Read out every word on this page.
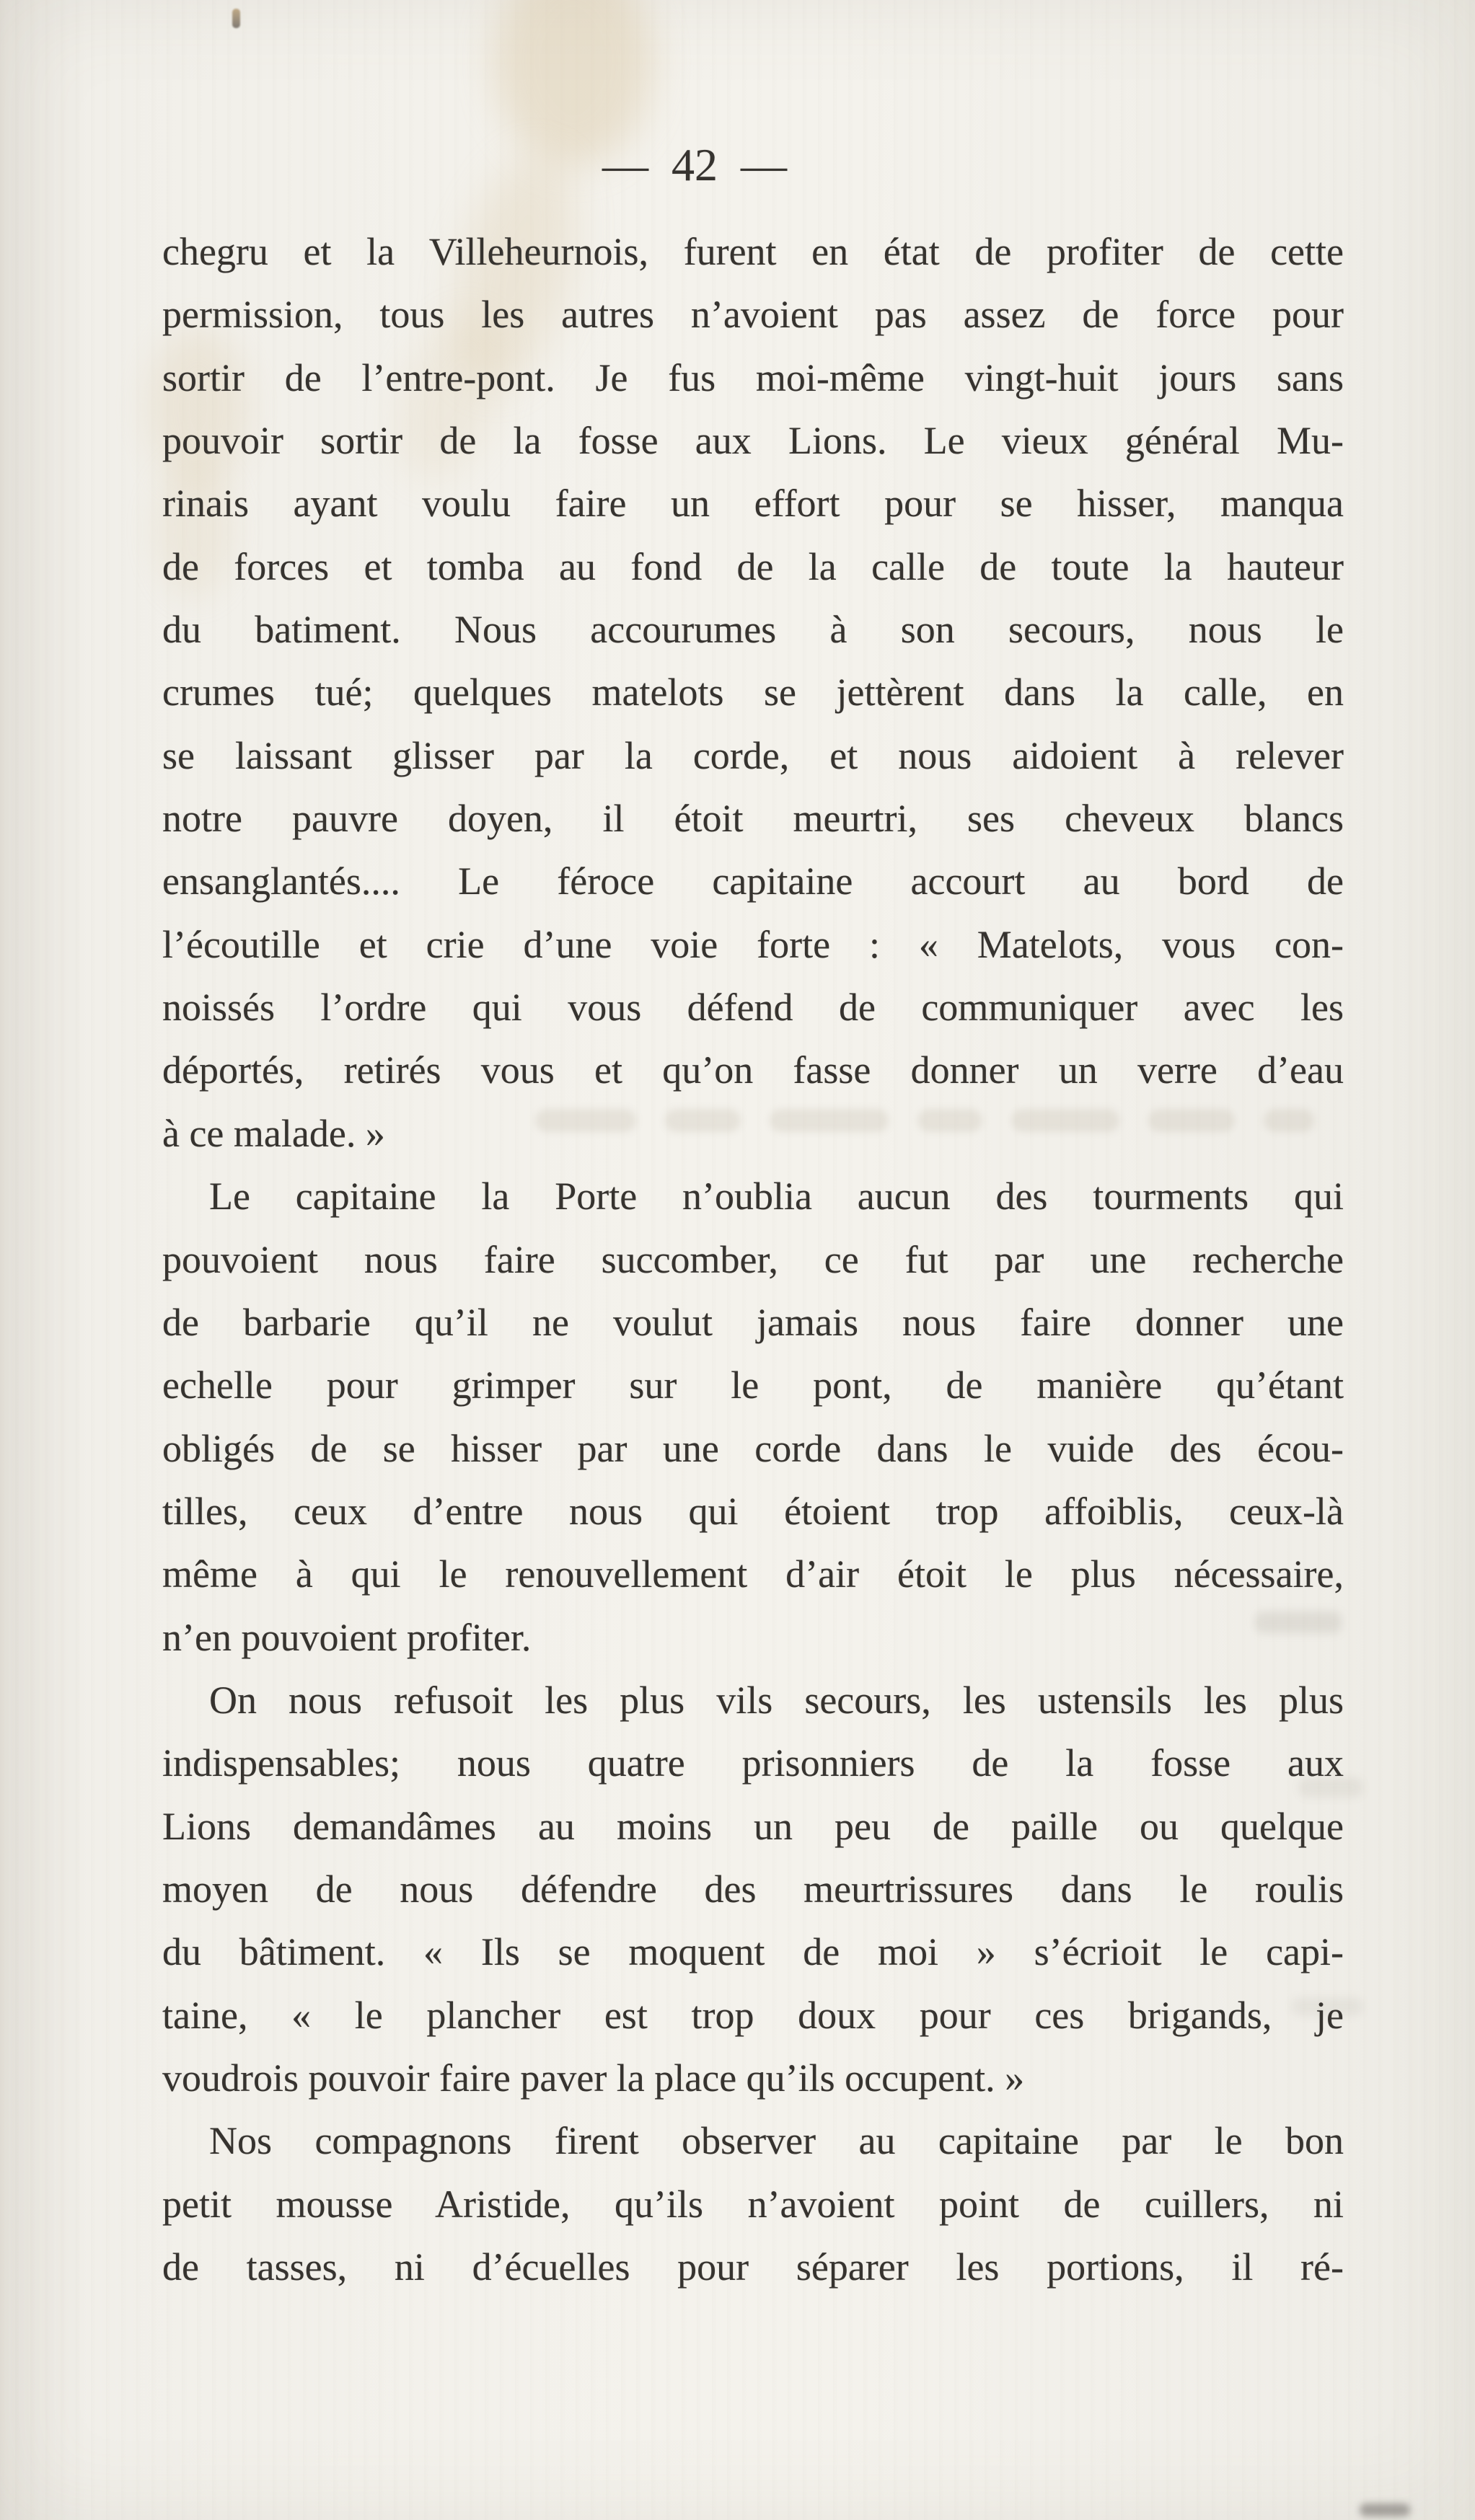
— 42 —
chegru et la Villeheurnois, furent en état de profiter de cette
permission, tous les autres n’avoient pas assez de force pour
sortir de l’entre-pont. Je fus moi-même vingt-huit jours sans
pouvoir sortir de la fosse aux Lions. Le vieux général Mu-
rinais ayant voulu faire un effort pour se hisser, manqua
de forces et tomba au fond de la calle de toute la hauteur
du batiment. Nous accourumes à son secours, nous le
crumes tué; quelques matelots se jettèrent dans la calle, en
se laissant glisser par la corde, et nous aidoient à relever
notre pauvre doyen, il étoit meurtri, ses cheveux blancs
ensanglantés.... Le féroce capitaine accourt au bord de
l’écoutille et crie d’une voie forte : « Matelots, vous con-
noissés l’ordre qui vous défend de communiquer avec les
déportés, retirés vous et qu’on fasse donner un verre d’eau
à ce malade. »
Le capitaine la Porte n’oublia aucun des tourments qui
pouvoient nous faire succomber, ce fut par une recherche
de barbarie qu’il ne voulut jamais nous faire donner une
echelle pour grimper sur le pont, de manière qu’étant
obligés de se hisser par une corde dans le vuide des écou-
tilles, ceux d’entre nous qui étoient trop affoiblis, ceux-là
même à qui le renouvellement d’air étoit le plus nécessaire,
n’en pouvoient profiter.
On nous refusoit les plus vils secours, les ustensils les plus
indispensables; nous quatre prisonniers de la fosse aux
Lions demandâmes au moins un peu de paille ou quelque
moyen de nous défendre des meurtrissures dans le roulis
du bâtiment. « Ils se moquent de moi » s’écrioit le capi-
taine, « le plancher est trop doux pour ces brigands, je
voudrois pouvoir faire paver la place qu’ils occupent. »
Nos compagnons firent observer au capitaine par le bon
petit mousse Aristide, qu’ils n’avoient point de cuillers, ni
de tasses, ni d’écuelles pour séparer les portions, il ré-
